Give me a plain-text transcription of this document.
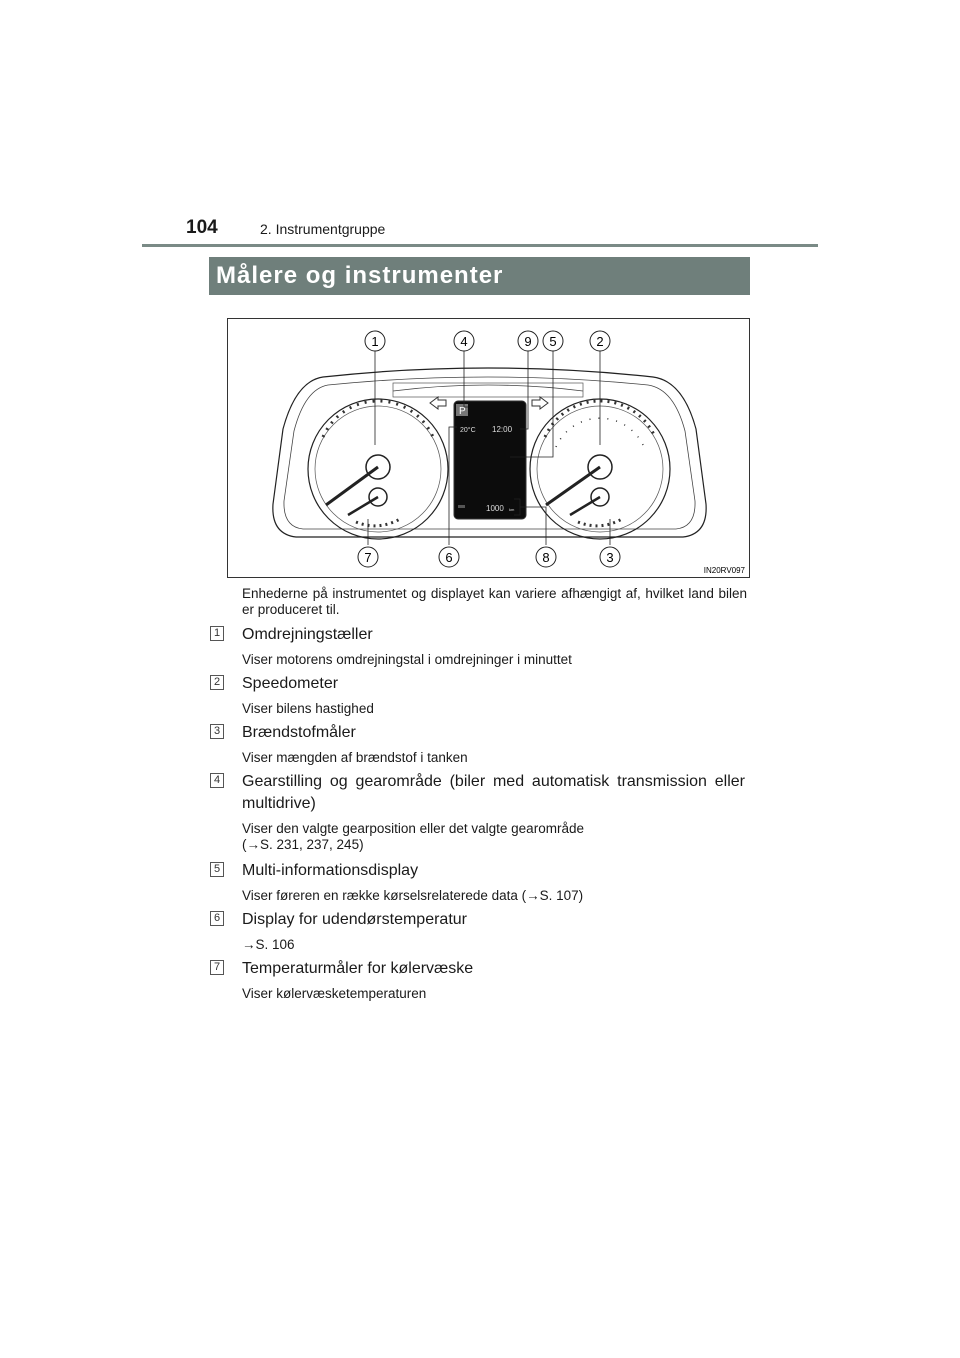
104	2. Instrumentgruppe
Målere og instrumenter
P
20°C 12:00
1000 km
1	4	9 5	2
7	6	8	3
IN20RV097
Enhederne på instrumentet og displayet kan variere afhængigt af, hvilket land bilen er produceret til.
1 Omdrejningstæller
Viser motorens omdrejningstal i omdrejninger i minuttet
2 Speedometer
Viser bilens hastighed
3 Brændstofmåler
Viser mængden af brændstof i tanken
4 Gearstilling og gearområde (biler med automatisk transmission eller multidrive)
Viser den valgte gearposition eller det valgte gearområde
(→S. 231, 237, 245)
5 Multi-informationsdisplay
Viser føreren en række kørselsrelaterede data (→S. 107)
6 Display for udendørstemperatur
→S. 106
7 Temperaturmåler for kølervæske
Viser kølervæsketemperaturen
